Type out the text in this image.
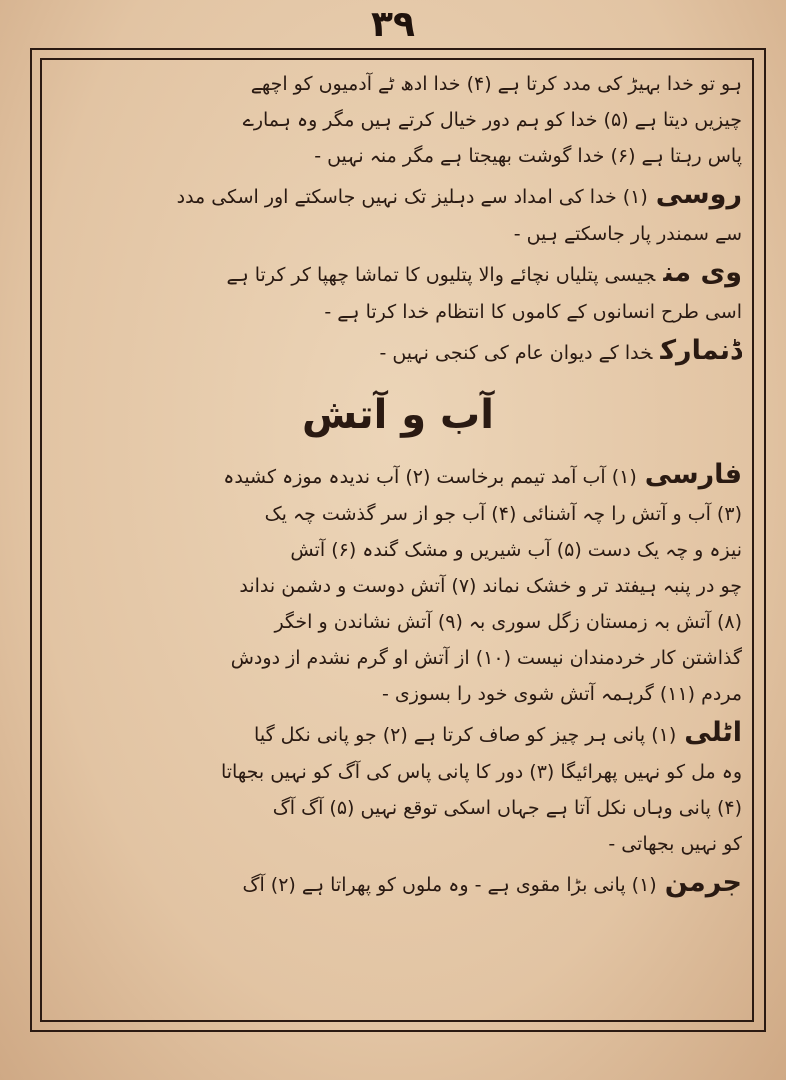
۳۹
ہو تو خدا بہیڑ کی مدد کرتا ہے (۴) خدا ادھ ٹے آدمیوں کو اچھے
چیزیں دیتا ہے (۵) خدا کو ہم دور خیال کرتے ہیں مگر وہ ہمارے
پاس رہتا ہے (۶) خدا گوشت بھیجتا ہے مگر منہ نہیں -
روسی(۱) خدا کی امداد سے دہلیز تک نہیں جاسکتے اور اسکی مدد
سے سمندر پار جاسکتے ہیں -
وی منجیسی پتلیاں نچائے والا پتلیوں کا تماشا چھپا کر کرتا ہے
اسی طرح انسانوں کے کاموں کا انتظام خدا کرتا ہے -
ڈنمارکخدا کے دیوان عام کی کنجی نہیں -
آب و آتش
فارسی(۱) آب آمد تیمم برخاست (۲) آب ندیدہ موزہ کشیدہ
(۳) آب و آتش را چہ آشنائی (۴) آب جو از سر گذشت چہ یک
نیزہ و چہ یک دست (۵) آب شیریں و مشک گندہ (۶) آتش
چو در پنبہ ہیفتد تر و خشک نماند (۷) آتش دوست و دشمن نداند
(۸) آتش بہ زمستان زگل سوری بہ (۹) آتش نشاندن و اخگر
گذاشتن کار خردمندان نیست (۱۰) از آتش او گرم نشدم از دودش
مردم (۱۱) گرہمہ آتش شوی خود را بسوزی -
اٹلی(۱) پانی ہر چیز کو صاف کرتا ہے (۲) جو پانی نکل گیا
وہ مل کو نہیں پھرائیگا (۳) دور کا پانی پاس کی آگ کو نہیں بجھاتا
(۴) پانی وہاں نکل آتا ہے جہاں اسکی توقع نہیں (۵) آگ آگ
کو نہیں بجھاتی -
جرمن(۱) پانی بڑا مقوی ہے - وہ ملوں کو پھراتا ہے (۲) آگ
